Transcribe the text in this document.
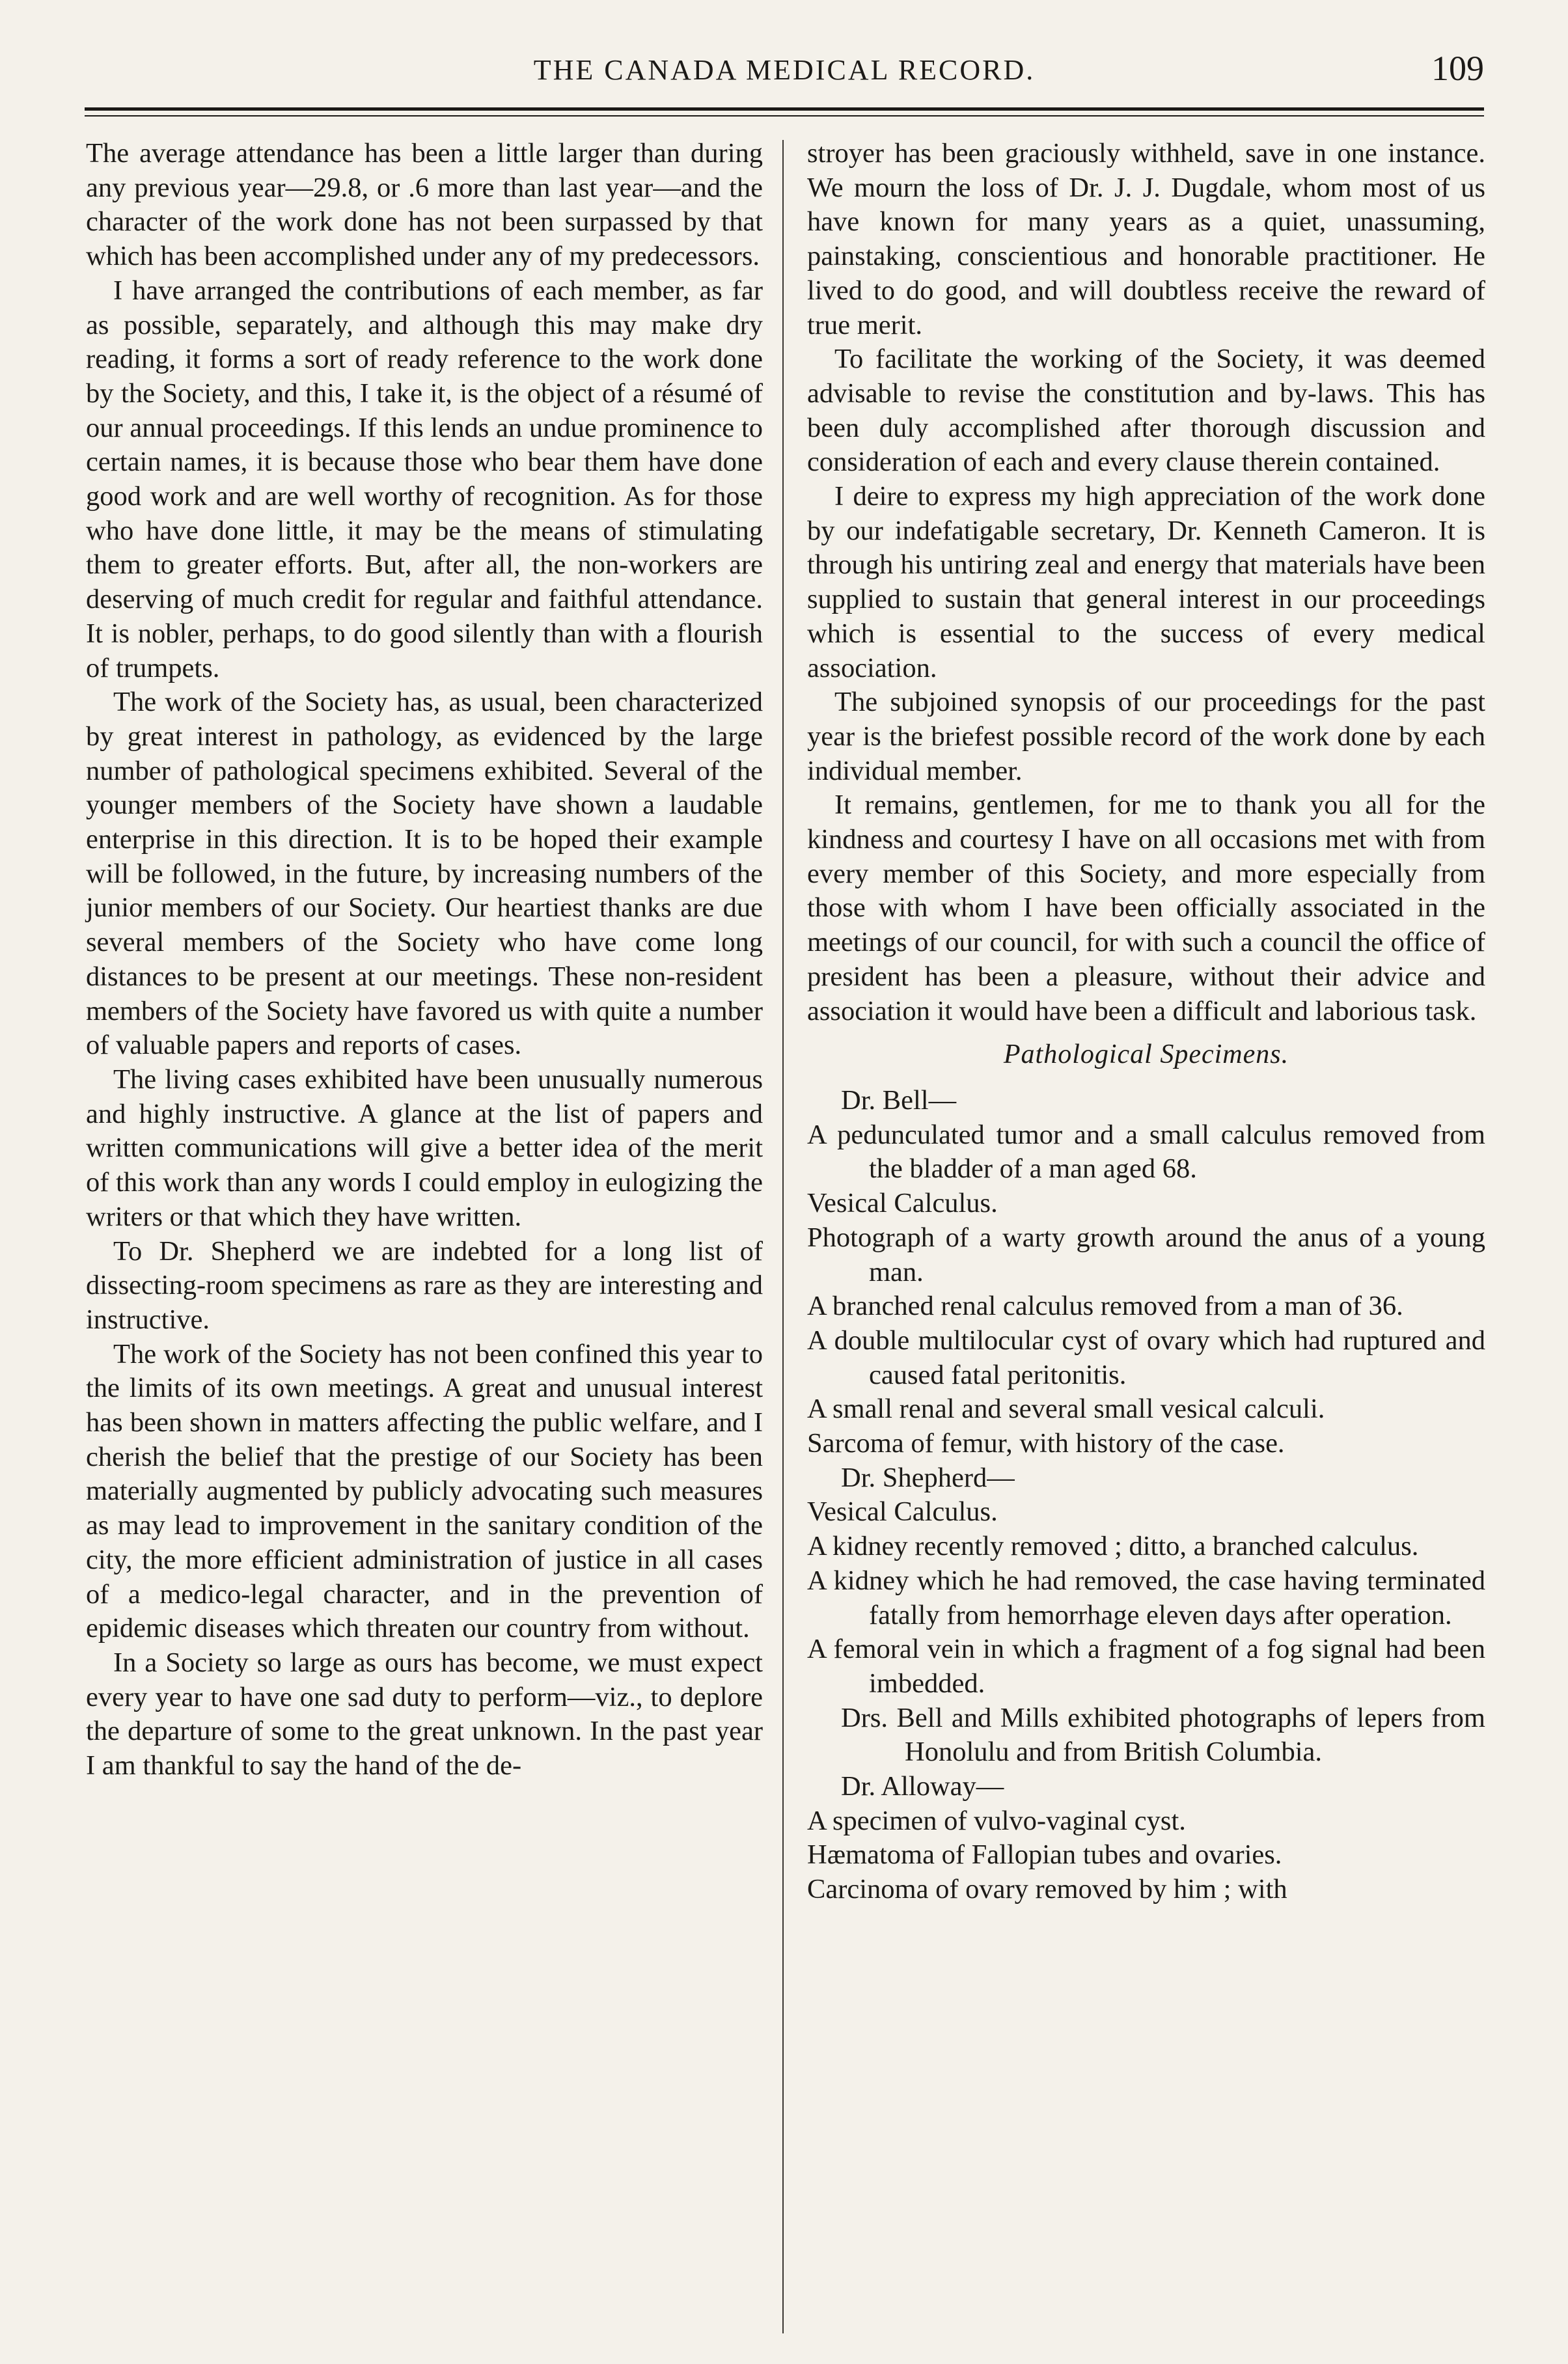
THE CANADA MEDICAL RECORD.	109

The average attendance has been a little larger than during any previous year—29.8, or .6 more than last year—and the character of the work done has not been surpassed by that which has been accomplished under any of my predecessors.

I have arranged the contributions of each member, as far as possible, separately, and although this may make dry reading, it forms a sort of ready reference to the work done by the Society, and this, I take it, is the object of a résumé of our annual proceedings. If this lends an undue prominence to certain names, it is because those who bear them have done good work and are well worthy of recognition. As for those who have done little, it may be the means of stimulating them to greater efforts. But, after all, the non-workers are deserving of much credit for regular and faithful attendance. It is nobler, perhaps, to do good silently than with a flourish of trumpets.

The work of the Society has, as usual, been characterized by great interest in pathology, as evidenced by the large number of pathological specimens exhibited. Several of the younger members of the Society have shown a laudable enterprise in this direction. It is to be hoped their example will be followed, in the future, by increasing numbers of the junior members of our Society. Our heartiest thanks are due several members of the Society who have come long distances to be present at our meetings. These non-resident members of the Society have favored us with quite a number of valuable papers and reports of cases.

The living cases exhibited have been unusually numerous and highly instructive. A glance at the list of papers and written communications will give a better idea of the merit of this work than any words I could employ in eulogizing the writers or that which they have written.

To Dr. Shepherd we are indebted for a long list of dissecting-room specimens as rare as they are interesting and instructive.

The work of the Society has not been confined this year to the limits of its own meetings. A great and unusual interest has been shown in matters affecting the public welfare, and I cherish the belief that the prestige of our Society has been materially augmented by publicly advocating such measures as may lead to improvement in the sanitary condition of the city, the more efficient administration of justice in all cases of a medico-legal character, and in the prevention of epidemic diseases which threaten our country from without.

In a Society so large as ours has become, we must expect every year to have one sad duty to perform—viz., to deplore the departure of some to the great unknown. In the past year I am thankful to say the hand of the de-

stroyer has been graciously withheld, save in one instance. We mourn the loss of Dr. J. J. Dugdale, whom most of us have known for many years as a quiet, unassuming, painstaking, conscientious and honorable practitioner. He lived to do good, and will doubtless receive the reward of true merit.

To facilitate the working of the Society, it was deemed advisable to revise the constitution and by-laws. This has been duly accomplished after thorough discussion and consideration of each and every clause therein contained.

I deire to express my high appreciation of the work done by our indefatigable secretary, Dr. Kenneth Cameron. It is through his untiring zeal and energy that materials have been supplied to sustain that general interest in our proceedings which is essential to the success of every medical association.

The subjoined synopsis of our proceedings for the past year is the briefest possible record of the work done by each individual member.

It remains, gentlemen, for me to thank you all for the kindness and courtesy I have on all occasions met with from every member of this Society, and more especially from those with whom I have been officially associated in the meetings of our council, for with such a council the office of president has been a pleasure, without their advice and association it would have been a difficult and laborious task.

Pathological Specimens.
Dr. Bell—
A pedunculated tumor and a small calculus removed from the bladder of a man aged 68.
Vesical Calculus.
Photograph of a warty growth around the anus of a young man.
A branched renal calculus removed from a man of 36.
A double multilocular cyst of ovary which had ruptured and caused fatal peritonitis.
A small renal and several small vesical calculi.
Sarcoma of femur, with history of the case.
Dr. Shepherd—
Vesical Calculus.
A kidney recently removed ; ditto, a branched calculus.
A kidney which he had removed, the case having terminated fatally from hemorrhage eleven days after operation.
A femoral vein in which a fragment of a fog signal had been imbedded.
Drs. Bell and Mills exhibited photographs of lepers from Honolulu and from British Columbia.
Dr. Alloway—
A specimen of vulvo-vaginal cyst.
Hæmatoma of Fallopian tubes and ovaries.
Carcinoma of ovary removed by him ; with
